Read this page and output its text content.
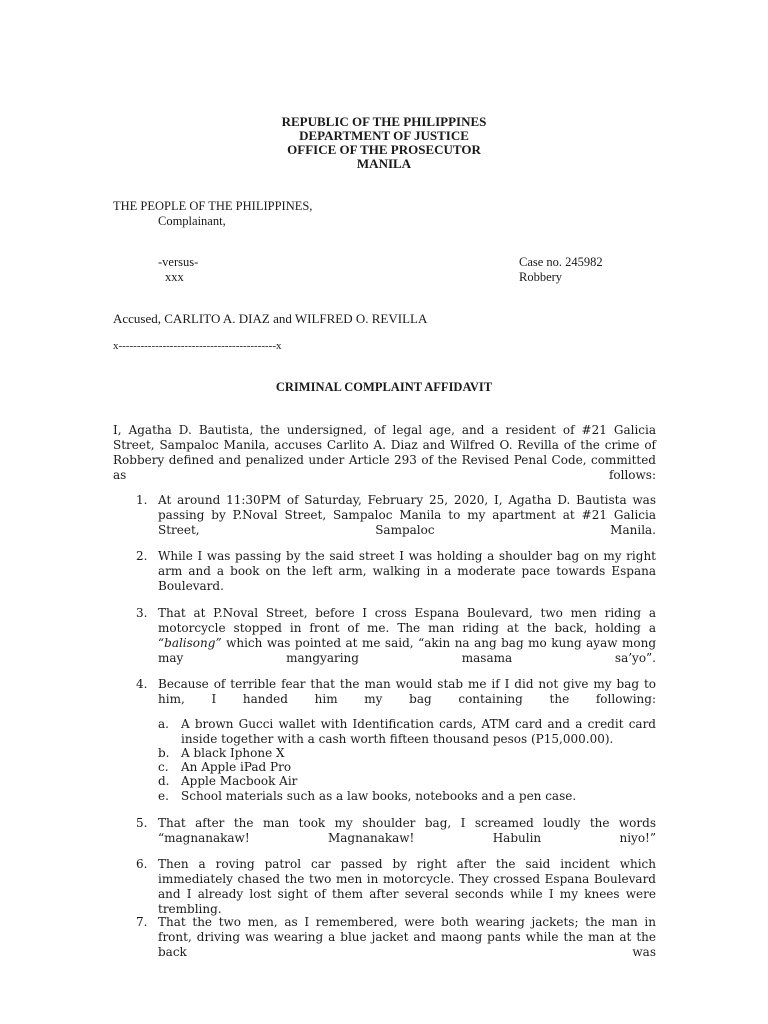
REPUBLIC OF THE PHILIPPINES
DEPARTMENT OF JUSTICE
OFFICE OF THE PROSECUTOR
MANILA
THE PEOPLE OF THE PHILIPPINES,
Complainant,
-versus-
xxx
Case no. 245982
Robbery
Accused, CARLITO A. DIAZ and WILFRED O. REVILLA
x-------------------------------------------x
CRIMINAL COMPLAINT AFFIDAVIT
I, Agatha D. Bautista, the undersigned, of legal age, and a resident of #21 Galicia Street, Sampaloc Manila, accuses Carlito A. Diaz and Wilfred O. Revilla of the crime of Robbery defined and penalized under Article 293 of the Revised Penal Code, committed as follows:
1. At around 11:30PM of Saturday, February 25, 2020, I, Agatha D. Bautista was passing by P.Noval Street, Sampaloc Manila to my apartment at #21 Galicia Street, Sampaloc Manila.
2. While I was passing by the said street I was holding a shoulder bag on my right arm and a book on the left arm, walking in a moderate pace towards Espana Boulevard.
3. That at P.Noval Street, before I cross Espana Boulevard, two men riding a motorcycle stopped in front of me. The man riding at the back, holding a “balisong” which was pointed at me said, “akin na ang bag mo kung ayaw mong may mangyaring masama sa’yo”.
4. Because of terrible fear that the man would stab me if I did not give my bag to him, I handed him my bag containing the following:
a. A brown Gucci wallet with Identification cards, ATM card and a credit card inside together with a cash worth fifteen thousand pesos (P15,000.00).
b. A black Iphone X
c. An Apple iPad Pro
d. Apple Macbook Air
e. School materials such as a law books, notebooks and a pen case.
5. That after the man took my shoulder bag, I screamed loudly the words “magnanakaw! Magnanakaw! Habulin niyo!”
6. Then a roving patrol car passed by right after the said incident which immediately chased the two men in motorcycle. They crossed Espana Boulevard and I already lost sight of them after several seconds while I my knees were trembling.
7. That the two men, as I remembered, were both wearing jackets; the man in front, driving was wearing a blue jacket and maong pants while the man at the back was
